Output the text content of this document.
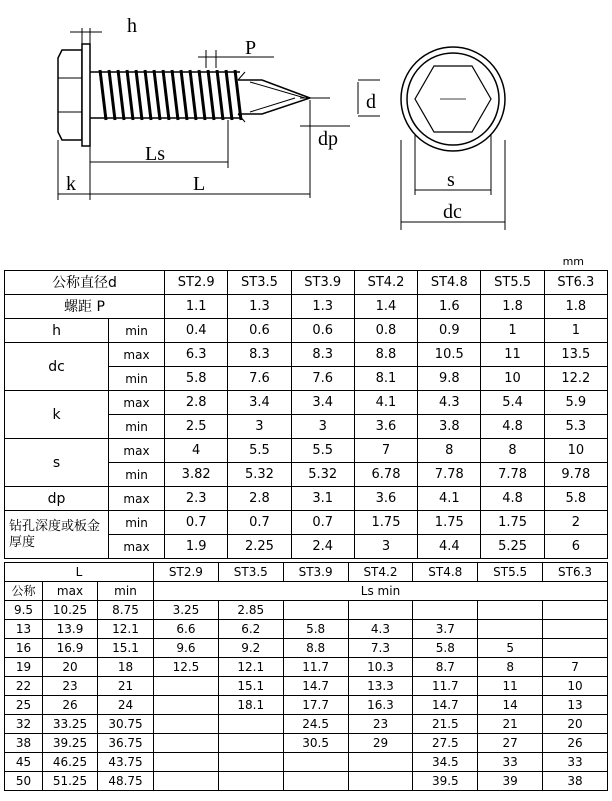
h
P
d
dp
Ls
k	L	s
dc
mm
公称直径d		ST2.9	ST3.5	ST3.9	ST4.2	ST4.8	ST5.5	ST6.3
螺距 P		1.1	1.3	1.3	1.4	1.6	1.8	1.8
h	min	0.4	0.6	0.6	0.8	0.9	1	1
dc	max	6.3	8.3	8.3	8.8	10.5	11	13.5
	min	5.8	7.6	7.6	8.1	9.8	10	12.2
k	max	2.8	3.4	3.4	4.1	4.3	5.4	5.9
	min	2.5	3	3	3.6	3.8	4.8	5.3
s	max	4	5.5	5.5	7	8	8	10
	min	3.82	5.32	5.32	6.78	7.78	7.78	9.78
dp	max	2.3	2.8	3.1	3.6	4.1	4.8	5.8
钻孔深度或板金厚度	min	0.7	0.7	0.7	1.75	1.75	1.75	2
	max	1.9	2.25	2.4	3	4.4	5.25	6
L			ST2.9	ST3.5	ST3.9	ST4.2	ST4.8	ST5.5	ST6.3
公称	max	min	Ls min						
9.5	10.25	8.75	3.25	2.85					
13	13.9	12.1	6.6	6.2	5.8	4.3	3.7		
16	16.9	15.1	9.6	9.2	8.8	7.3	5.8	5	
19	20	18	12.5	12.1	11.7	10.3	8.7	8	7
22	23	21		15.1	14.7	13.3	11.7	11	10
25	26	24		18.1	17.7	16.3	14.7	14	13
32	33.25	30.75			24.5	23	21.5	21	20
38	39.25	36.75			30.5	29	27.5	27	26
45	46.25	43.75					34.5	33	33
50	51.25	48.75					39.5	39	38
